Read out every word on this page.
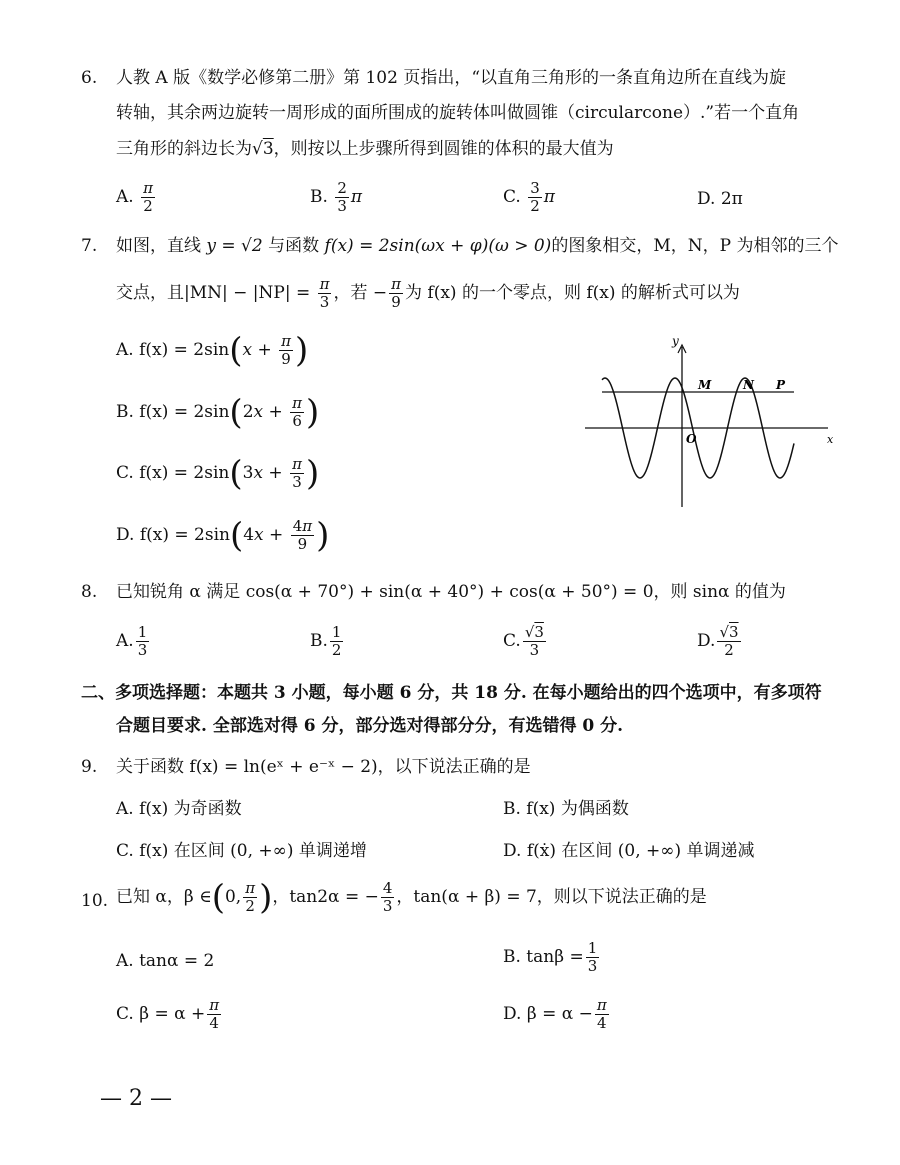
6. 人教 A 版《数学必修第二册》第 102 页指出，“以直角三角形的一条直角边所在直线为旋
转轴，其余两边旋转一周形成的面所围成的旋转体叫做圆锥（circularcone）.”若一个直角
三角形的斜边长为√3，则按以上步骤所得到圆锥的体积的最大值为
A. $\frac{\pi}{2}$	B. $\frac{2}{3}$ π	C. $\frac{3}{2}$ π	D. 2π
7. 如图，直线 y = √2 与函数 f(x) = 2sin(ωx + φ)(ω > 0)的图象相交，M，N，P 为相邻的三个
交点，且$|MN| - |NP| = \frac{\pi}{3}$ ，若 − $\frac{\pi}{9}$ 为 f(x) 的一个零点，则 f(x) 的解析式可以为
A. $f(x) = 2\sin(x + \frac{\pi}{9}$ )
B. $f(x) = 2\sin(2x + \frac{\pi}{6}$ )
C. $f(x) = 2\sin(3x + \frac{\pi}{3}$ )
D. $f(x) = 2\sin(4x + \frac{4\pi}{9}$ )
y
x
O
M	N P
8. 已知锐角 α 满足 cos(α + 70°) + sin(α + 40°) + cos(α + 50°) = 0，则 sinα 的值为
A. $\frac{1}{3}$	B. $\frac{1}{2}$	C. $\frac{√3}{3}$	D. $\frac{√3}{2}$
二、多项选择题：本题共 3 小题，每小题 6 分，共 18 分. 在每小题给出的四个选项中，有多项符
合题目要求. 全部选对得 6 分，部分选对得部分分，有选错得 0 分.
9. 关于函数 f(x) = ln(eˣ + e⁻ˣ − 2)，以下说法正确的是
A. f(x) 为奇函数	B. f(x) 为偶函数
C. f(x) 在区间 (0, +∞) 单调递增	D. f(ẋ) 在区间 (0, +∞) 单调递减
10. 已知 α，β ∈(0, $\frac{\pi}{2}$ )，tan2α = − $\frac{4}{3}$ ，tan(α + β) = 7，则以下说法正确的是
A. tanα = 2	B. $\tan\beta = \frac{1}{3}$
C. $\beta = \alpha + \frac{\pi}{4}$	D. $\beta = \alpha - \frac{\pi}{4}$
— 2 —
